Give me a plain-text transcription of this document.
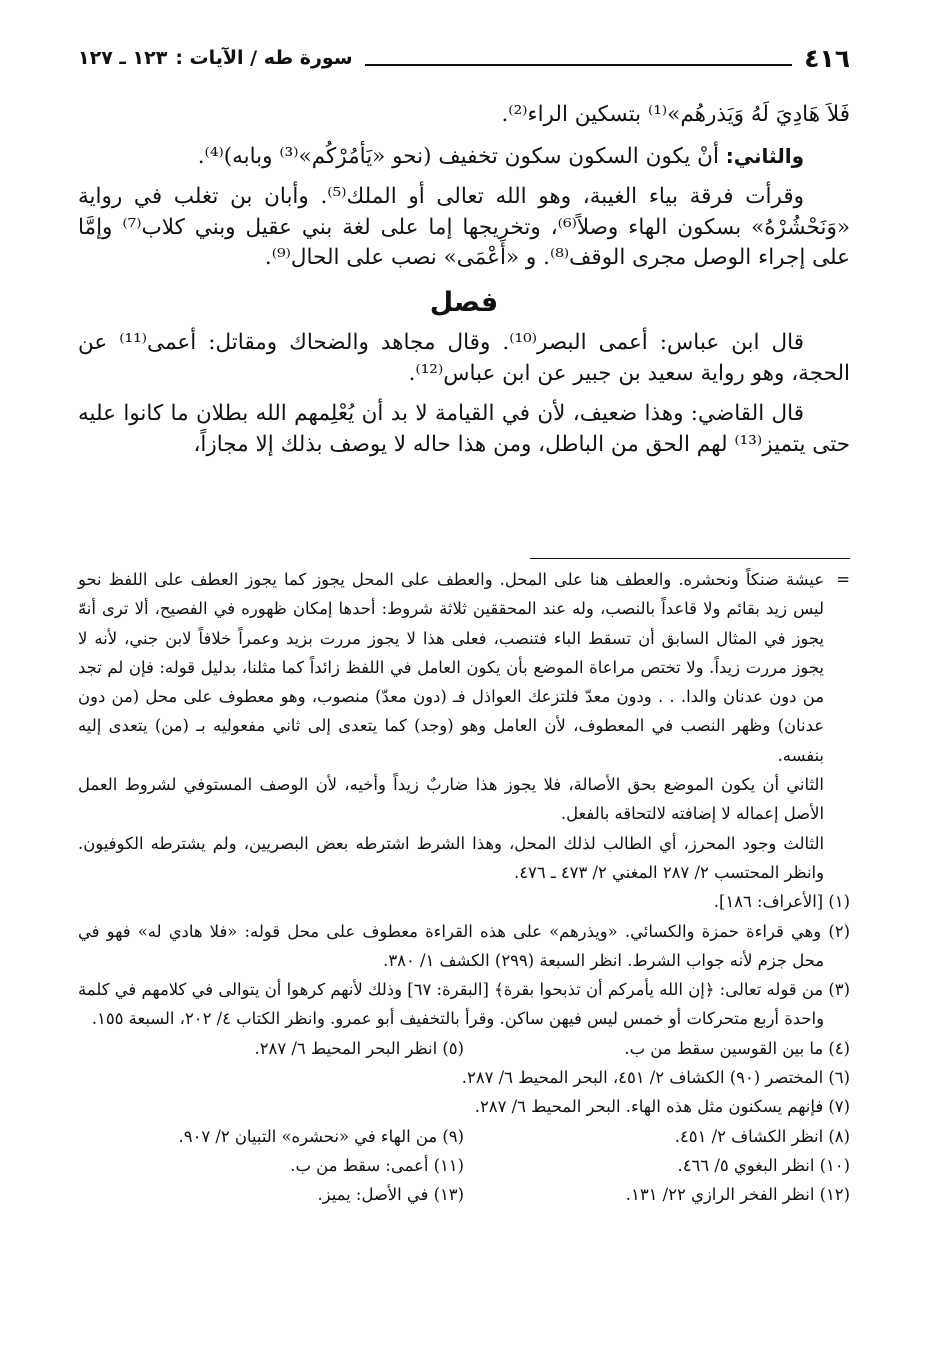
٤١٦
سورة طه / الآيات :
١٢٣ ـ ١٢٧

فَلاَ هَادِيَ لَهُ وَيَذرهُم»⁽¹⁾ بتسكين الراء⁽²⁾.

والثاني: أنْ يكون السكون سكون تخفيف (نحو «يَأمُرْكُم»⁽³⁾ وبابه)⁽⁴⁾.

وقرأت فرقة بياء الغيبة، وهو الله تعالى أو الملك⁽⁵⁾. وأبان بن تغلب في رواية «وَنَحْشُرْهُ» بسكون الهاء وصلاً⁽⁶⁾، وتخريجها إما على لغة بني عقيل وبني كلاب⁽⁷⁾ وإمَّا على إجراء الوصل مجرى الوقف⁽⁸⁾. و «أَعْمَى» نصب على الحال⁽⁹⁾.

فصل

قال ابن عباس: أعمى البصر⁽¹⁰⁾. وقال مجاهد والضحاك ومقاتل: أعمى⁽¹¹⁾ عن الحجة، وهو رواية سعيد بن جبير عن ابن عباس⁽¹²⁾.

قال القاضي: وهذا ضعيف، لأن في القيامة لا بد أن يُعْلِمهم الله بطلان ما كانوا عليه حتى يتميز⁽¹³⁾ لهم الحق من الباطل، ومن هذا حاله لا يوصف بذلك إلا مجازاً،

=
عيشة ضنكاً ونحشره. والعطف هنا على المحل. والعطف على المحل يجوز كما يجوز العطف على اللفظ نحو ليس زيد بقائم ولا قاعداً بالنصب، وله عند المحققين ثلاثة شروط: أحدها إمكان ظهوره في الفصيح، ألا ترى أنهّ يجوز في المثال السابق أن تسقط الباء فتنصب، فعلى هذا لا يجوز مررت بزيد وعمراً خلافاً لابن جني، لأنه لا يجوز مررت زيداً. ولا تختص مراعاة الموضع بأن يكون العامل في اللفظ زائداً كما مثلنا، بدليل قوله: فإن لم تجد من دون عدنان والدا. . . ودون معدّ فلتزعك العواذل فـ (دون معدّ) منصوب، وهو معطوف على محل (من دون عدنان) وظهر النصب في المعطوف، لأن العامل وهو (وجد) كما يتعدى إلى ثاني مفعوليه بـ (من) يتعدى إليه بنفسه.

الثاني أن يكون الموضع بحق الأصالة، فلا يجوز هذا ضاربٌ زيداً وأخيه، لأن الوصف المستوفي لشروط العمل الأصل إعماله لا إضافته لالتحاقه بالفعل.

الثالث وجود المحرز، أي الطالب لذلك المحل، وهذا الشرط اشترطه بعض البصريين، ولم يشترطه الكوفيون. وانظر المحتسب ٢/ ٢٨٧ المغني ٢/ ٤٧٣ ـ ٤٧٦.

(١) [الأعراف: ١٨٦].

(٢) وهي قراءة حمزة والكسائي. «ويذرهم» على هذه القراءة معطوف على محل قوله: «فلا هادي له» فهو في محل جزم لأنه جواب الشرط. انظر السبعة (٢٩٩) الكشف ١/ ٣٨٠.

(٣) من قوله تعالى: ﴿إن الله يأمركم أن تذبحوا بقرة﴾ [البقرة: ٦٧] وذلك لأنهم كرهوا أن يتوالى في كلامهم في كلمة واحدة أربع متحركات أو خمس ليس فيهن ساكن. وقرأ بالتخفيف أبو عمرو. وانظر الكتاب ٤/ ٢٠٢، السبعة ١٥٥.

(٤) ما بين القوسين سقط من ب.
(٥) انظر البحر المحيط ٦/ ٢٨٧.

(٦) المختصر (٩٠) الكشاف ٢/ ٤٥١، البحر المحيط ٦/ ٢٨٧.

(٧) فإنهم يسكنون مثل هذه الهاء. البحر المحيط ٦/ ٢٨٧.

(٨) انظر الكشاف ٢/ ٤٥١.
(٩) من الهاء في «نحشره» التبيان ٢/ ٩٠٧.
(١٠) انظر البغوي ٥/ ٤٦٦.
(١١) أعمى: سقط من ب.
(١٢) انظر الفخر الرازي ٢٢/ ١٣١.
(١٣) في الأصل: يميز.
